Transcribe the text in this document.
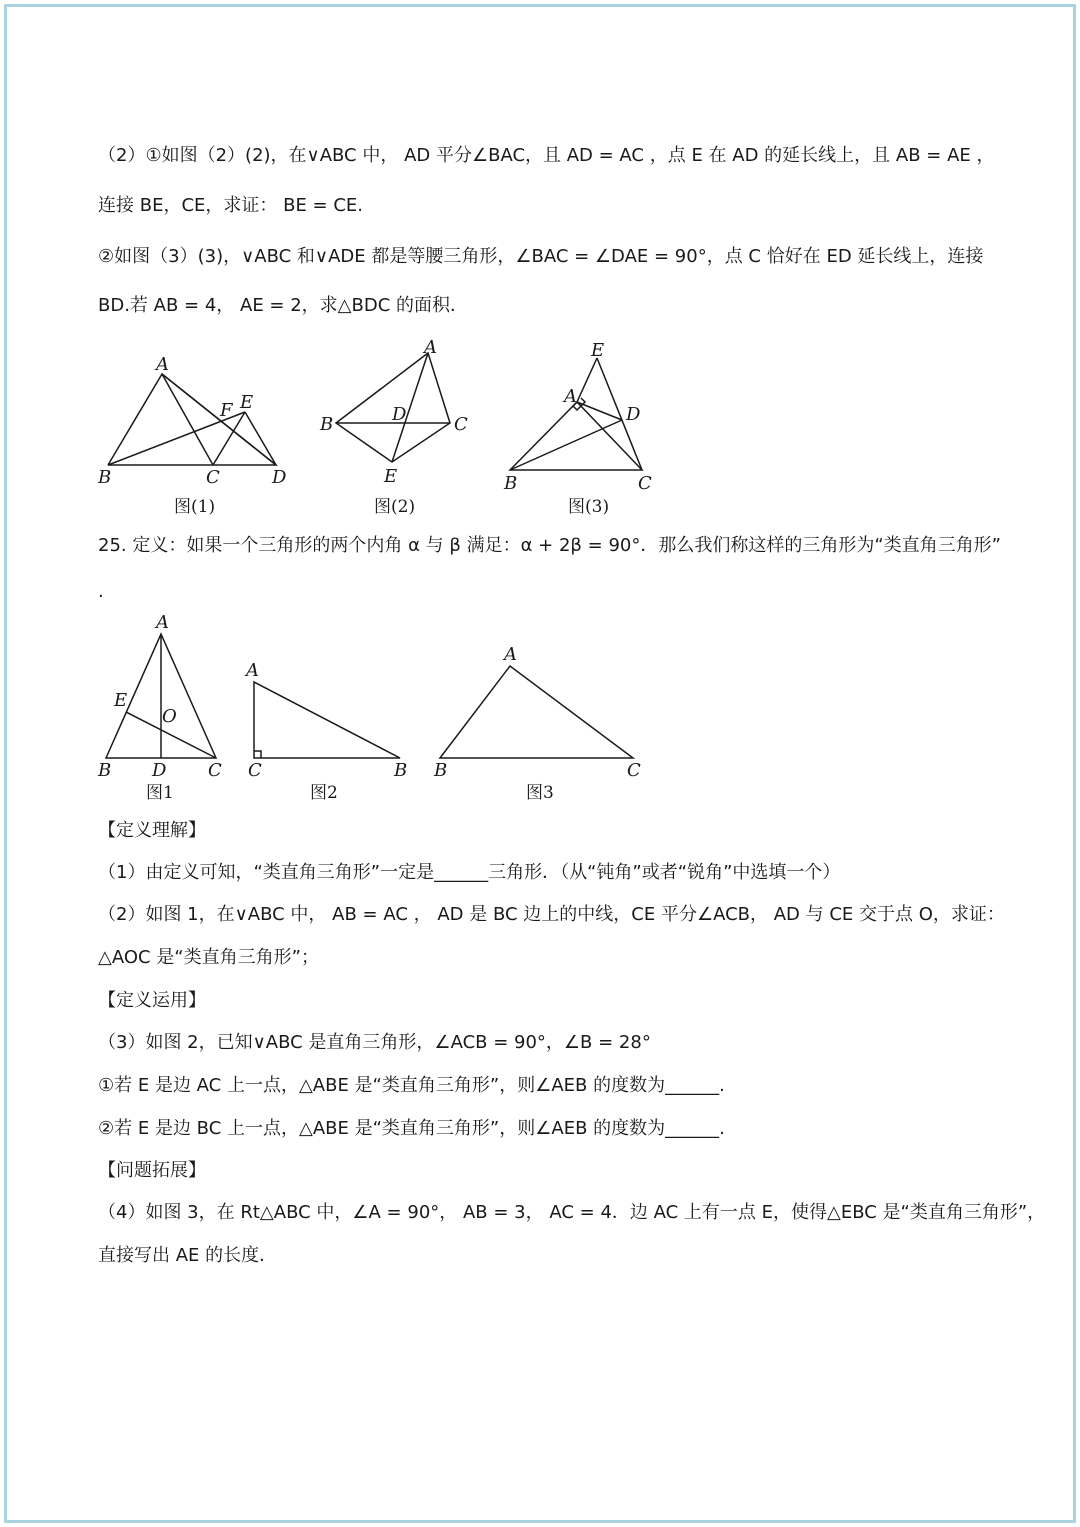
（2）①如图（2）(2)，在∨ABC 中， AD 平分∠BAC，且 AD = AC ，点 E 在 AD 的延长线上，且 AB = AE ，
连接 BE，CE，求证： BE = CE.
②如图（3）(3)，∨ABC 和∨ADE 都是等腰三角形，∠BAC = ∠DAE = 90°，点 C 恰好在 ED 延长线上，连接
BD.若 AB = 4， AE = 2，求△BDC 的面积．
A
B	C	D
E
F
图(1)
A
B	C
D
E
图(2)
E
A
D
B	C
图(3)
25. 定义：如果一个三角形的两个内角 α 与 β 满足：α + 2β = 90°．那么我们称这样的三角形为“类直角三角形”
.
A
B	C
D
E
O
图1
A
B
C
图2
A
B	C
图3
【定义理解】
（1）由定义可知，“类直角三角形”一定是______三角形．（从“钝角”或者“锐角”中选填一个）
（2）如图 1，在∨ABC 中， AB = AC ， AD 是 BC 边上的中线，CE 平分∠ACB， AD 与 CE 交于点 O，求证：
△AOC 是“类直角三角形”；
【定义运用】
（3）如图 2，已知∨ABC 是直角三角形，∠ACB = 90°，∠B = 28°
①若 E 是边 AC 上一点，△ABE 是“类直角三角形”，则∠AEB 的度数为______.
②若 E 是边 BC 上一点，△ABE 是“类直角三角形”，则∠AEB 的度数为______.
【问题拓展】
（4）如图 3，在 Rt△ABC 中，∠A = 90°， AB = 3， AC = 4．边 AC 上有一点 E，使得△EBC 是“类直角三角形”，
直接写出 AE 的长度．
